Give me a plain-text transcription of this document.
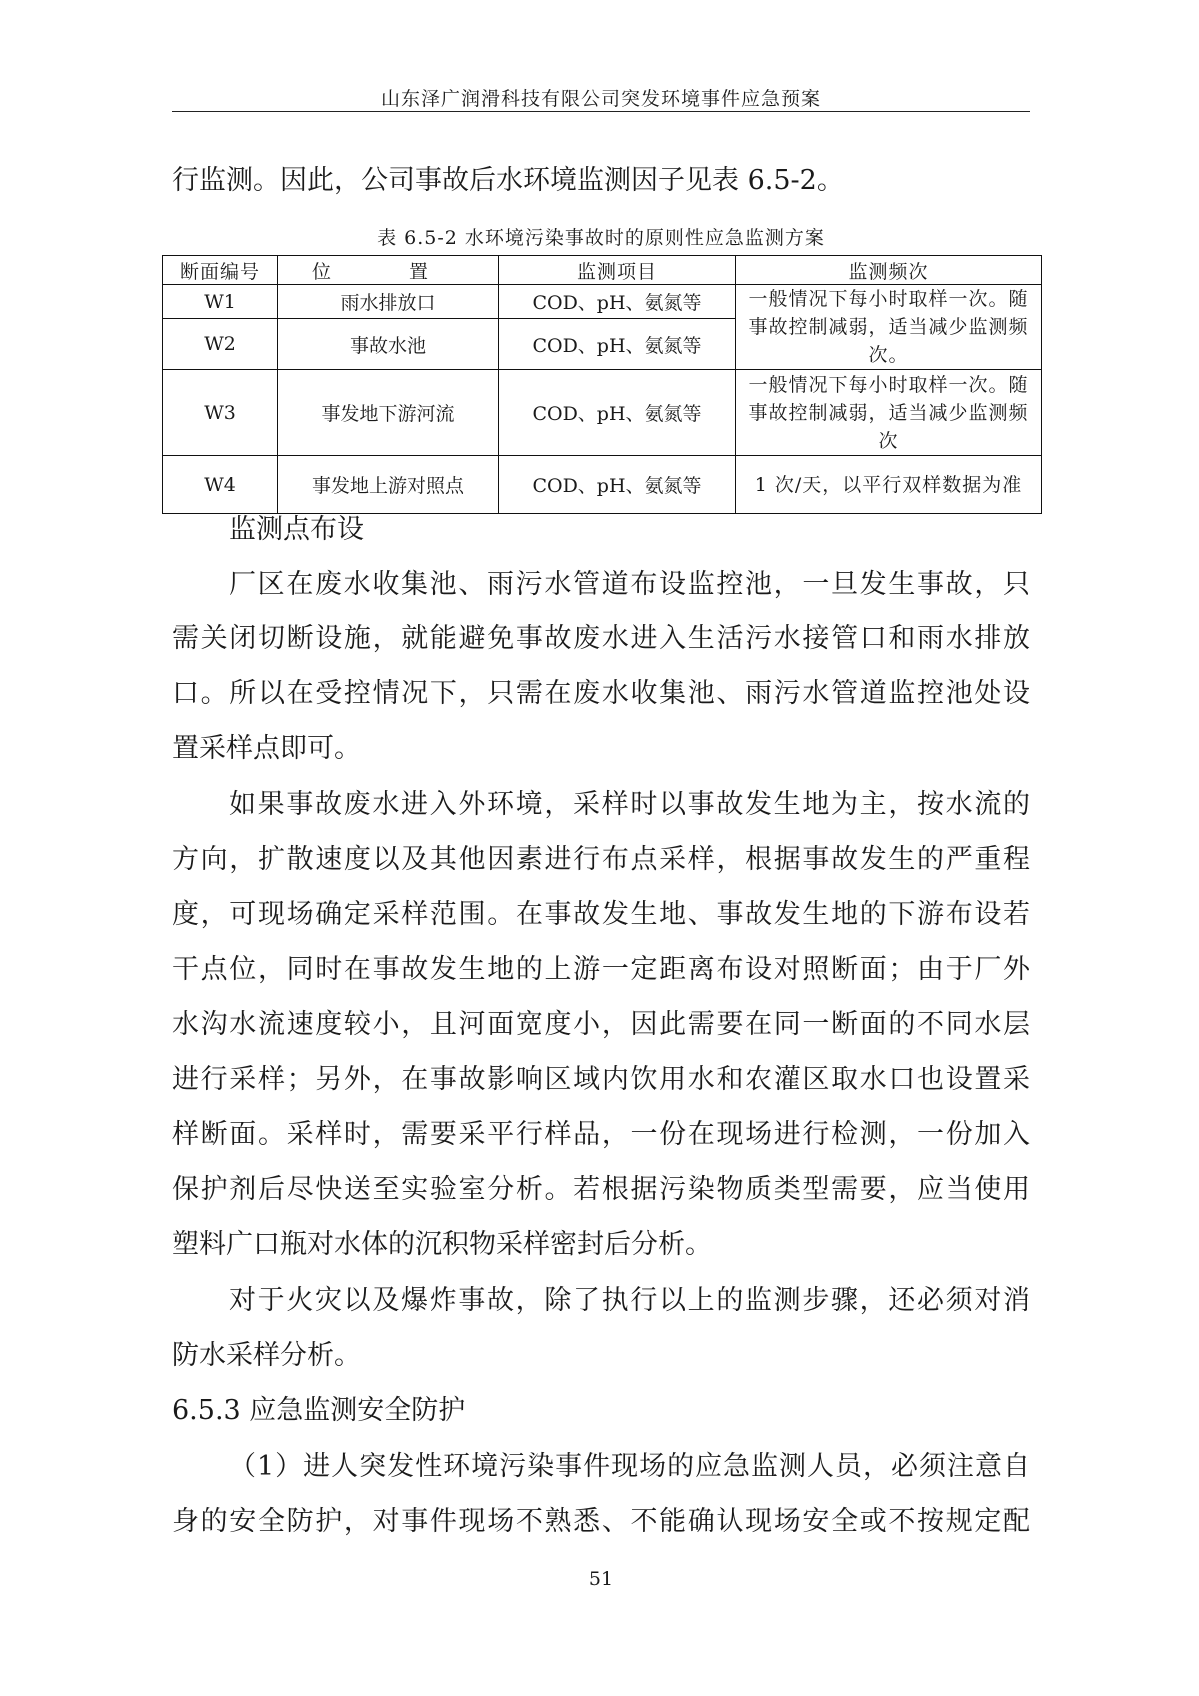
山东泽广润滑科技有限公司突发环境事件应急预案

行监测。因此，公司事故后水环境监测因子见表 6.5-2。

表 6.5-2 水环境污染事故时的原则性应急监测方案
断面编号	位 置	监测项目	监测频次
W1	雨水排放口	COD、pH、氨氮等	一般情况下每小时取样一次。随事故控制减弱，适当减少监测频次。
W2	事故水池	COD、pH、氨氮等	
W3	事发地下游河流	COD、pH、氨氮等	一般情况下每小时取样一次。随事故控制减弱，适当减少监测频次
W4	事发地上游对照点	COD、pH、氨氮等	1 次/天，以平行双样数据为准

监测点布设

厂区在废水收集池、雨污水管道布设监控池，一旦发生事故，只

需关闭切断设施，就能避免事故废水进入生活污水接管口和雨水排放

口。所以在受控情况下，只需在废水收集池、雨污水管道监控池处设

置采样点即可。

如果事故废水进入外环境，采样时以事故发生地为主，按水流的

方向，扩散速度以及其他因素进行布点采样，根据事故发生的严重程

度，可现场确定采样范围。在事故发生地、事故发生地的下游布设若

干点位，同时在事故发生地的上游一定距离布设对照断面；由于厂外

水沟水流速度较小，且河面宽度小，因此需要在同一断面的不同水层

进行采样；另外，在事故影响区域内饮用水和农灌区取水口也设置采

样断面。采样时，需要采平行样品，一份在现场进行检测，一份加入

保护剂后尽快送至实验室分析。若根据污染物质类型需要，应当使用

塑料广口瓶对水体的沉积物采样密封后分析。

对于火灾以及爆炸事故，除了执行以上的监测步骤，还必须对消

防水采样分析。

6.5.3 应急监测安全防护

（1）进人突发性环境污染事件现场的应急监测人员，必须注意自

身的安全防护，对事件现场不熟悉、不能确认现场安全或不按规定配

51
